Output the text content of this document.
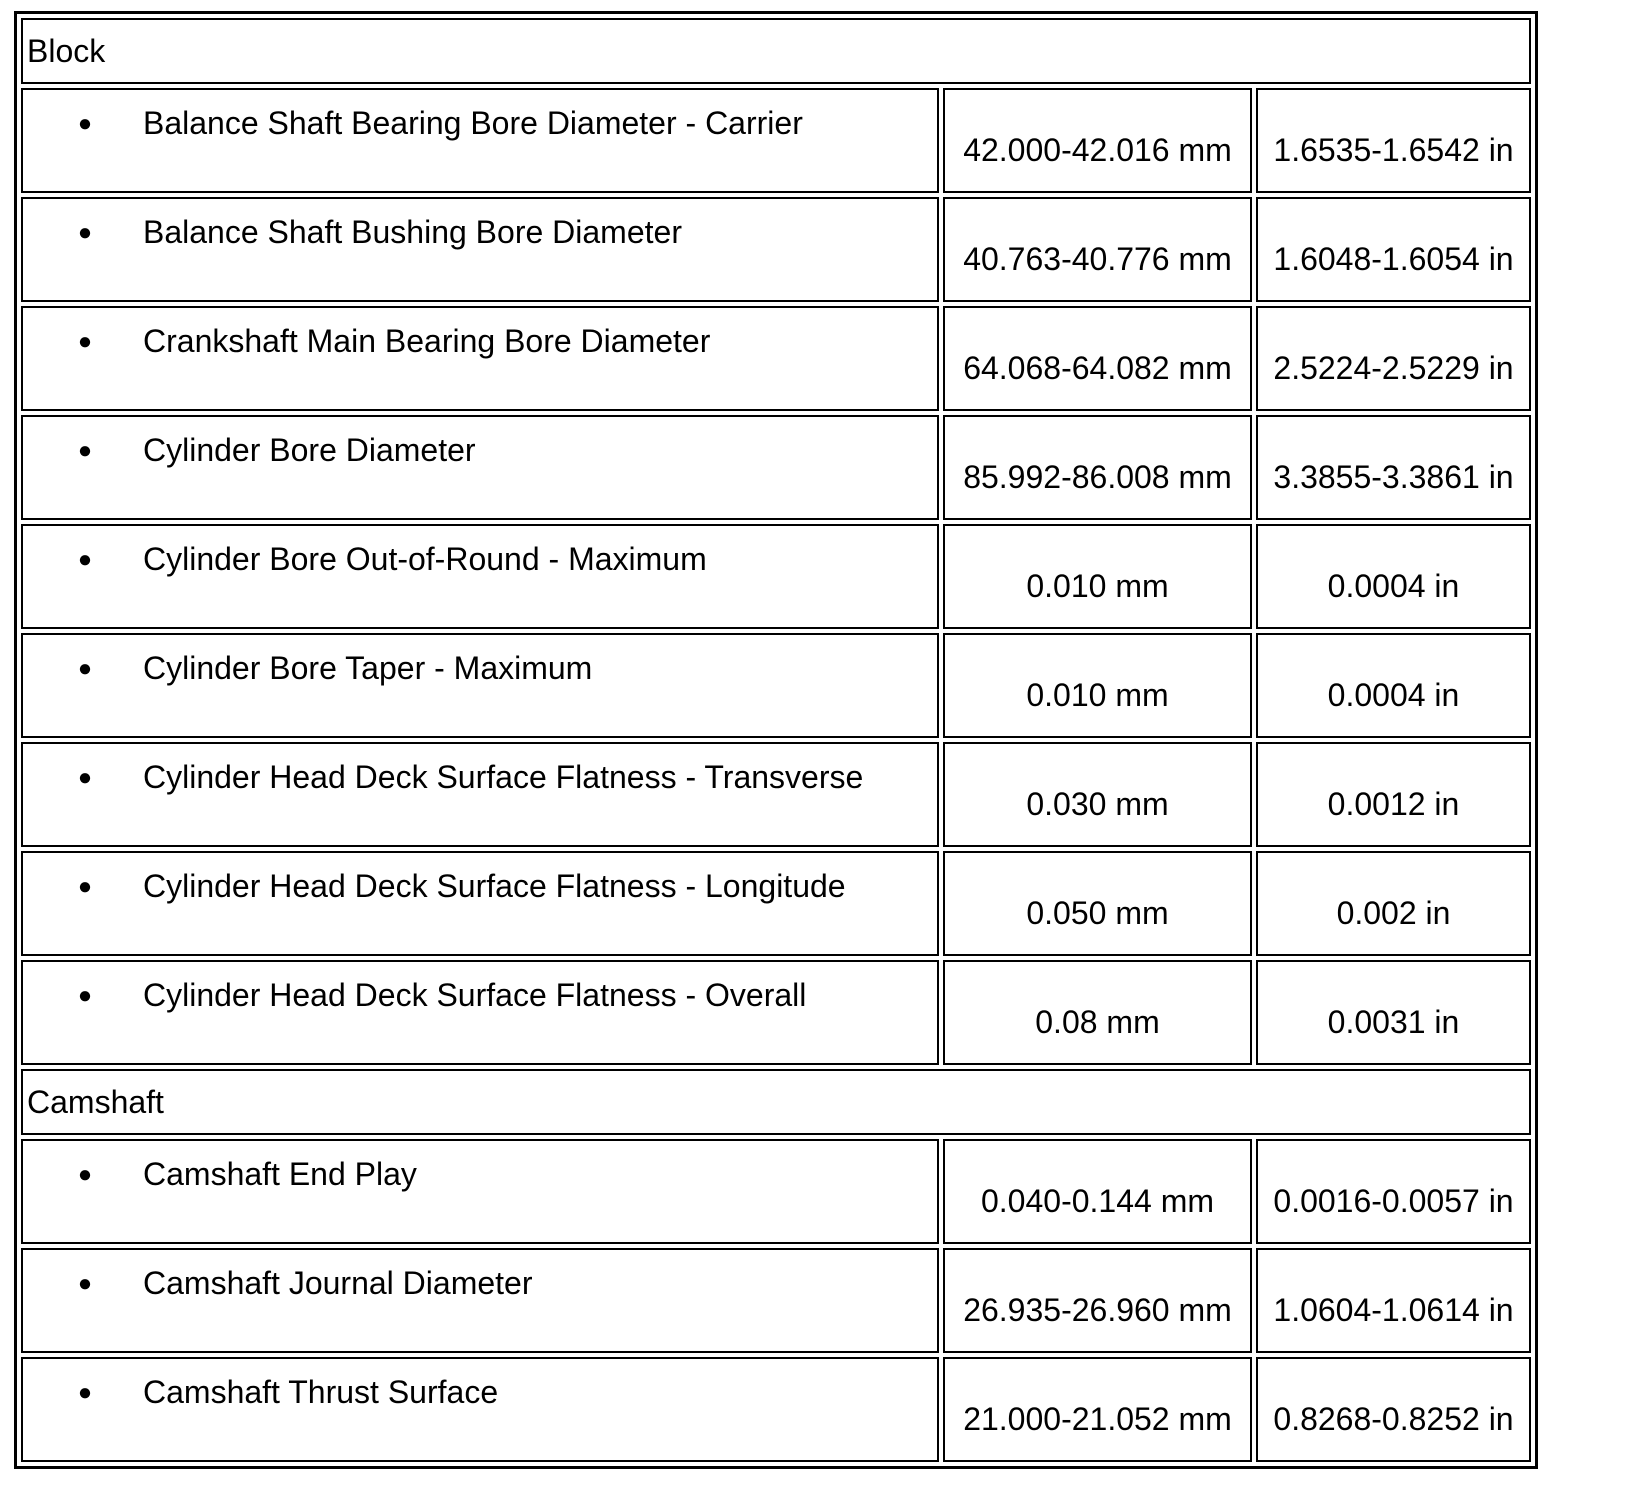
Block		

● Balance Shaft Bearing Bore Diameter - Carrier	42.000-42.016 mm	1.6535-1.6542 in

● Balance Shaft Bushing Bore Diameter	40.763-40.776 mm	1.6048-1.6054 in

● Crankshaft Main Bearing Bore Diameter	64.068-64.082 mm	2.5224-2.5229 in

● Cylinder Bore Diameter	85.992-86.008 mm	3.3855-3.3861 in

● Cylinder Bore Out-of-Round - Maximum	0.010 mm	0.0004 in

● Cylinder Bore Taper - Maximum	0.010 mm	0.0004 in

● Cylinder Head Deck Surface Flatness - Transverse	0.030 mm	0.0012 in

● Cylinder Head Deck Surface Flatness - Longitude	0.050 mm	0.002 in

● Cylinder Head Deck Surface Flatness - Overall	0.08 mm	0.0031 in
Camshaft		

● Camshaft End Play	0.040-0.144 mm	0.0016-0.0057 in

● Camshaft Journal Diameter	26.935-26.960 mm	1.0604-1.0614 in

● Camshaft Thrust Surface	21.000-21.052 mm	0.8268-0.8252 in
